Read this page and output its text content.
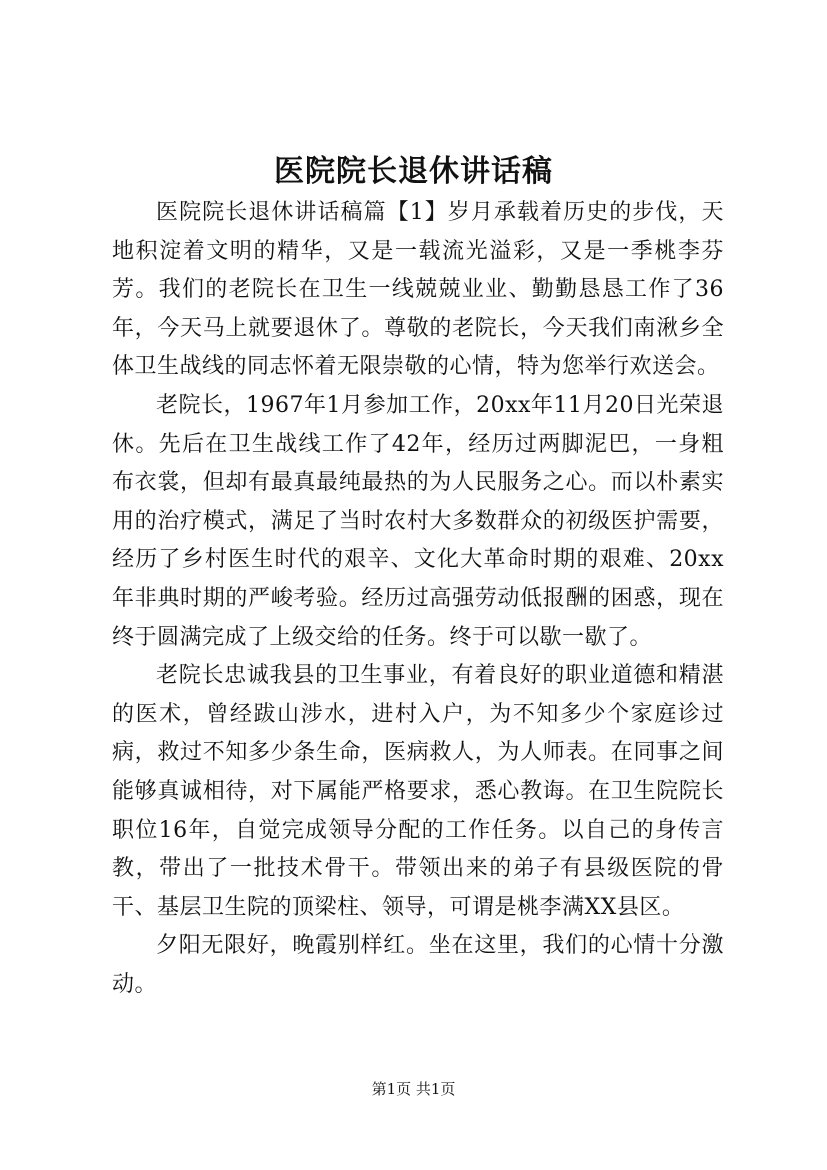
医院院长退休讲话稿

医院院长退休讲话稿篇【1】岁月承载着历史的步伐，天地积淀着文明的精华，又是一载流光溢彩，又是一季桃李芬芳。我们的老院长在卫生一线兢兢业业、勤勤恳恳工作了36年，今天马上就要退休了。尊敬的老院长，今天我们南湫乡全体卫生战线的同志怀着无限崇敬的心情，特为您举行欢送会。

老院长，1967年1月参加工作，20xx年11月20日光荣退休。先后在卫生战线工作了42年，经历过两脚泥巴，一身粗布衣裳，但却有最真最纯最热的为人民服务之心。而以朴素实用的治疗模式，满足了当时农村大多数群众的初级医护需要，经历了乡村医生时代的艰辛、文化大革命时期的艰难、20xx年非典时期的严峻考验。经历过高强劳动低报酬的困惑，现在终于圆满完成了上级交给的任务。终于可以歇一歇了。

老院长忠诚我县的卫生事业，有着良好的职业道德和精湛的医术，曾经跋山涉水，进村入户，为不知多少个家庭诊过病，救过不知多少条生命，医病救人，为人师表。在同事之间能够真诚相待，对下属能严格要求，悉心教诲。在卫生院院长职位16年，自觉完成领导分配的工作任务。以自己的身传言教，带出了一批技术骨干。带领出来的弟子有县级医院的骨干、基层卫生院的顶梁柱、领导，可谓是桃李满XX县区。

夕阳无限好，晚霞别样红。坐在这里，我们的心情十分激动。

第1页 共1页
